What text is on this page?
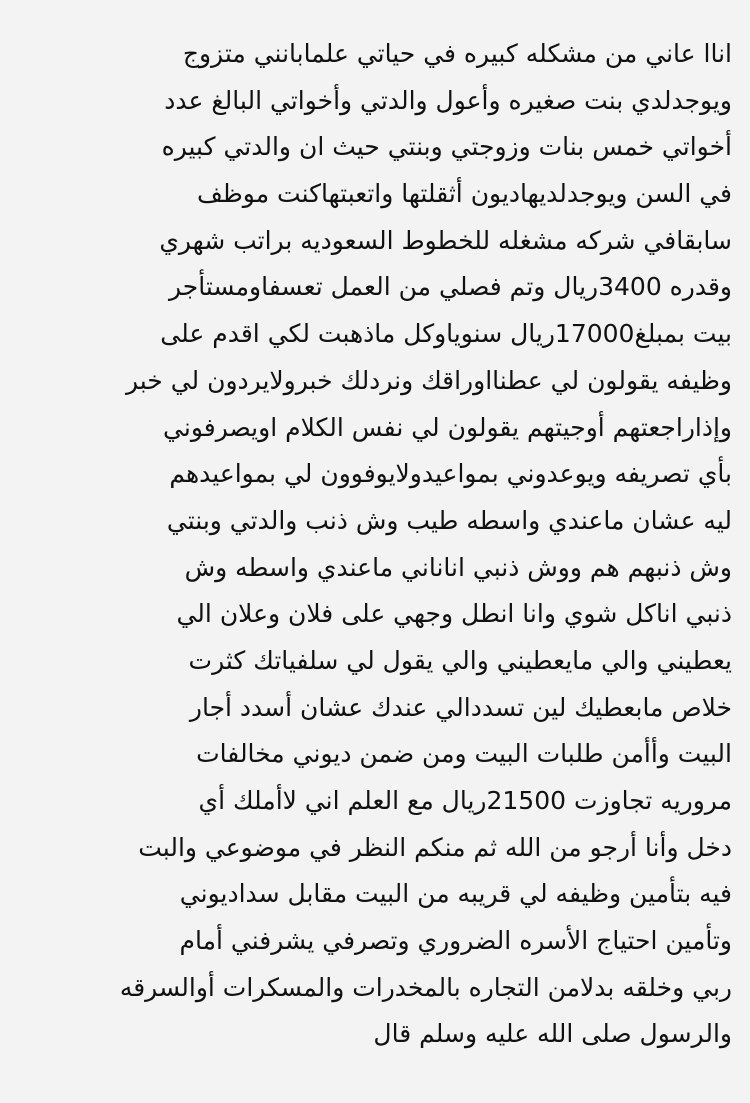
اناا عاني من مشكله كبيره في حياتي علمابانني متزوج
ويوجدلدي بنت صغيره وأعول والدتي وأخواتي البالغ عدد
أخواتي خمس بنات وزوجتي وبنتي حيث ان والدتي كبيره
في السن ويوجدلديهاديون أثقلتها واتعبتهاكنت موظف
سابقافي شركه مشغله للخطوط السعوديه براتب شهري
وقدره 3400ريال وتم فصلي من العمل تعسفاومستأجر
بيت بمبلغ17000ريال سنوياوكل ماذهبت لكي اقدم على
وظيفه يقولون لي عطنااوراقك ونردلك خبرولايردون لي خبر
وإذاراجعتهم أوجيتهم يقولون لي نفس الكلام اويصرفوني
بأي تصريفه ويوعدوني بمواعيدولايوفوون لي بمواعيدهم
ليه عشان ماعندي واسطه طيب وش ذنب والدتي وبنتي
وش ذنبهم هم ووش ذنبي اناناني ماعندي واسطه وش
ذنبي اناكل شوي وانا انطل وجهي على فلان وعلان الي
يعطيني والي مايعطيني والي يقول لي سلفياتك كثرت
خلاص مابعطيك لين تسددالي عندك عشان أسدد أجار
البيت وأأمن طلبات البيت ومن ضمن ديوني مخالفات
مروريه تجاوزت 21500ريال مع العلم اني لاأملك أي
دخل وأنا أرجو من الله ثم منكم النظر في موضوعي والبت
فيه بتأمين وظيفه لي قريبه من البيت مقابل سداديوني
وتأمين احتياج الأسره الضروري وتصرفي يشرفني أمام
ربي وخلقه بدلامن التجاره بالمخدرات والمسكرات أوالسرقه
والرسول صلى الله عليه وسلم قال
